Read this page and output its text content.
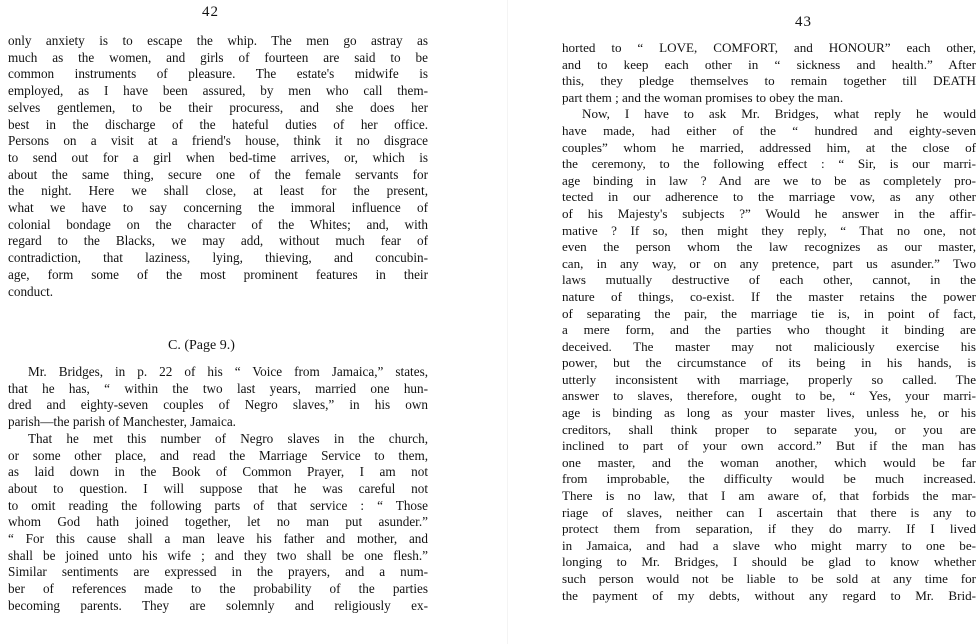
42
only anxiety is to escape the whip. The men go astray as
much as the women, and girls of fourteen are said to be
common instruments of pleasure. The estate's midwife is
employed, as I have been assured, by men who call them-
selves gentlemen, to be their procuress, and she does her
best in the discharge of the hateful duties of her office.
Persons on a visit at a friend's house, think it no disgrace
to send out for a girl when bed-time arrives, or, which is
about the same thing, secure one of the female servants for
the night. Here we shall close, at least for the present,
what we have to say concerning the immoral influence of
colonial bondage on the character of the Whites; and, with
regard to the Blacks, we may add, without much fear of
contradiction, that laziness, lying, thieving, and concubin-
age, form some of the most prominent features in their
conduct.
C. (Page 9.)
Mr. Bridges, in p. 22 of his “ Voice from Jamaica,” states,
that he has, “ within the two last years, married one hun-
dred and eighty-seven couples of Negro slaves,” in his own
parish—the parish of Manchester, Jamaica.
That he met this number of Negro slaves in the church,
or some other place, and read the Marriage Service to them,
as laid down in the Book of Common Prayer, I am not
about to question. I will suppose that he was careful not
to omit reading the following parts of that service : “ Those
whom God hath joined together, let no man put asunder.”
“ For this cause shall a man leave his father and mother, and
shall be joined unto his wife ; and they two shall be one flesh.”
Similar sentiments are expressed in the prayers, and a num-
ber of references made to the probability of the parties
becoming parents. They are solemnly and religiously ex-
43
horted to “ LOVE, COMFORT, and HONOUR” each other,
and to keep each other in “ sickness and health.” After
this, they pledge themselves to remain together till DEATH
part them ; and the woman promises to obey the man.
Now, I have to ask Mr. Bridges, what reply he would
have made, had either of the “ hundred and eighty-seven
couples” whom he married, addressed him, at the close of
the ceremony, to the following effect : “ Sir, is our marri-
age binding in law ? And are we to be as completely pro-
tected in our adherence to the marriage vow, as any other
of his Majesty's subjects ?” Would he answer in the affir-
mative ? If so, then might they reply, “ That no one, not
even the person whom the law recognizes as our master,
can, in any way, or on any pretence, part us asunder.” Two
laws mutually destructive of each other, cannot, in the
nature of things, co-exist. If the master retains the power
of separating the pair, the marriage tie is, in point of fact,
a mere form, and the parties who thought it binding are
deceived. The master may not maliciously exercise his
power, but the circumstance of its being in his hands, is
utterly inconsistent with marriage, properly so called. The
answer to slaves, therefore, ought to be, “ Yes, your marri-
age is binding as long as your master lives, unless he, or his
creditors, shall think proper to separate you, or you are
inclined to part of your own accord.” But if the man has
one master, and the woman another, which would be far
from improbable, the difficulty would be much increased.
There is no law, that I am aware of, that forbids the mar-
riage of slaves, neither can I ascertain that there is any to
protect them from separation, if they do marry. If I lived
in Jamaica, and had a slave who might marry to one be-
longing to Mr. Bridges, I should be glad to know whether
such person would not be liable to be sold at any time for
the payment of my debts, without any regard to Mr. Brid-
